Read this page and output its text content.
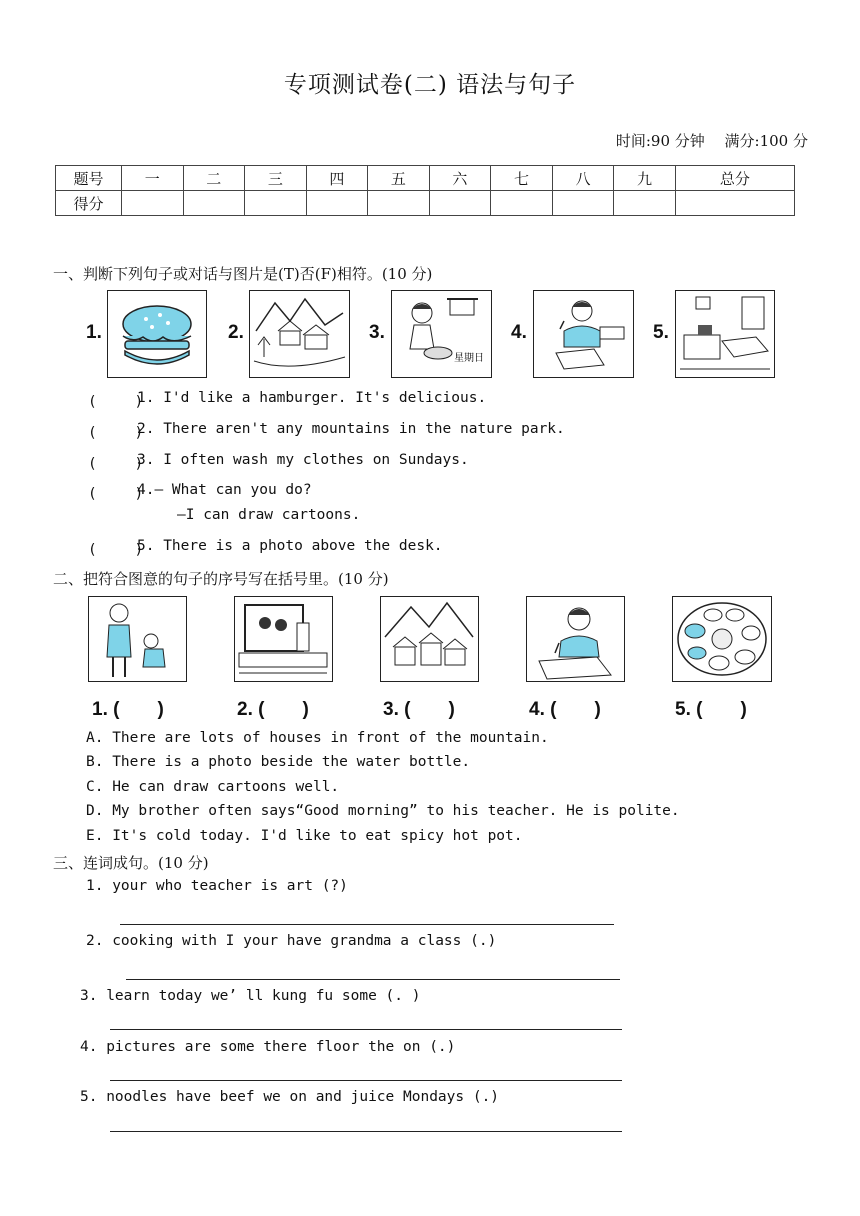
专项测试卷(二) 语法与句子
时间:90 分钟　 满分:100 分
题号	一	二	三	四	五	六	七	八	九	总分
得分										
一、判断下列句子或对话与图片是(T)否(F)相符。(10 分)
1.	2.	3.
星期日
4.	5.
(　 　)
1. I'd like a hamburger. It's delicious.
(　 　)
2. There aren't any mountains in the nature park.
(　 　)
3. I often wash my clothes on Sundays.
(　 　)
4.— What can you do?
—I can draw cartoons.
(　 　)
5. There is a photo above the desk.
二、把符合图意的句子的序号写在括号里。(10 分)
1. (　　)	2. (　　)	3. (　　)	4. (　　)	5. (　　)
A. There are lots of houses in front of the mountain.
B. There is a photo beside the water bottle.
C. He can draw cartoons well.
D. My brother often says“Good morning” to his teacher. He is polite.
E. It's cold today. I'd like to eat spicy hot pot.
三、连词成句。(10 分)
1. your who teacher is art (?)
2. cooking with I your have grandma a class (.)
3. learn today we’ ll kung fu some (. )
4. pictures are some there floor the on (.)
5. noodles have beef we on and juice Mondays (.)
